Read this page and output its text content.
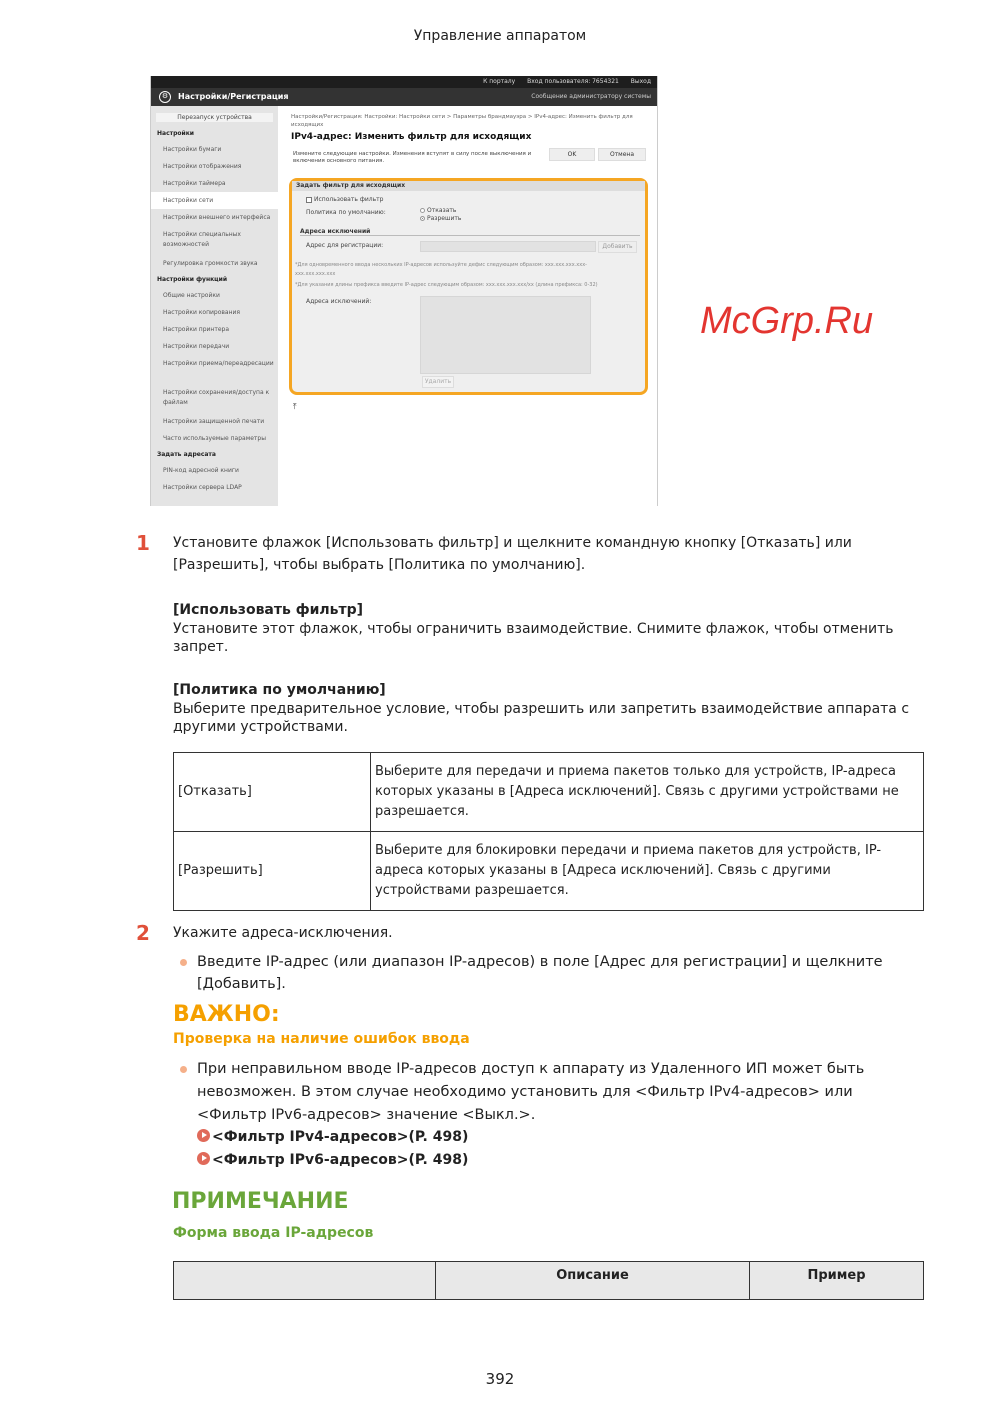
Управление аппаратом
К порталу Вход пользователя: 7654321 Выход
⚙	Настройки/Регистрация	Сообщение администратору системы
Перезапуск устройства
Настройки
Настройки бумаги
Настройки отображения
Настройки таймера
Настройки сети
Настройки внешнего интерфейса
Настройки специальных возможностей
Регулировка громкости звука
Настройки функций
Общие настройки
Настройки копирования
Настройки принтера
Настройки передачи
Настройки приема/переадресации
Настройки сохранения/доступа к файлам
Настройки защищенной печати
Часто используемые параметры
Задать адресата
PIN-код адресной книги
Настройки сервера LDAP
Настройки/Регистрация: Настройки: Настройки сети > Параметры брандмауэра > IPv4-адрес: Изменить фильтр для исходящих
IPv4-адрес: Изменить фильтр для исходящих
Измените следующие настройки. Изменения вступят в силу после выключения и включения основного питания.
OK	Отмена
Задать фильтр для исходящих
Использовать фильтр
Политика по умолчанию:	Отказать
Разрешить
Адреса исключений
Адрес для регистрации:	Добавить
*Для одновременного ввода нескольких IP-адресов используйте дефис следующим образом: xxx.xxx.xxx.xxx-xxx.xxx.xxx.xxx
*Для указания длины префикса введите IP-адрес следующим образом: xxx.xxx.xxx.xxx/xx (длина префикса: 0-32)
Адреса исключений:
Удалить
⤒
1 Установите флажок [Использовать фильтр] и щелкните командную кнопку [Отказать] или [Разрешить], чтобы выбрать [Политика по умолчанию].
[Использовать фильтр]
Установите этот флажок, чтобы ограничить взаимодействие. Снимите флажок, чтобы отменить запрет.
[Политика по умолчанию]
Выберите предварительное условие, чтобы разрешить или запретить взаимодействие аппарата с другими устройствами.
[Отказать]	Выберите для передачи и приема пакетов только для устройств, IP-адреса которых указаны в [Адреса исключений]. Связь с другими устройствами не разрешается.
[Разрешить]	Выберите для блокировки передачи и приема пакетов для устройств, IP-адреса которых указаны в [Адреса исключений]. Связь с другими устройствами разрешается.
2 Укажите адреса-исключения.
Введите IP-адрес (или диапазон IP-адресов) в поле [Адрес для регистрации] и щелкните [Добавить].
ВАЖНО:
Проверка на наличие ошибок ввода
При неправильном вводе IP-адресов доступ к аппарату из Удаленного ИП может быть невозможен. В этом случае необходимо установить для <Фильтр IPv4-адресов> или <Фильтр IPv6-адресов> значение <Выкл.>.
<Фильтр IPv4-адресов>(P. 498)
<Фильтр IPv6-адресов>(P. 498)
ПРИМЕЧАНИЕ
Форма ввода IP-адресов
	Описание	Пример
McGrp.Ru
392
